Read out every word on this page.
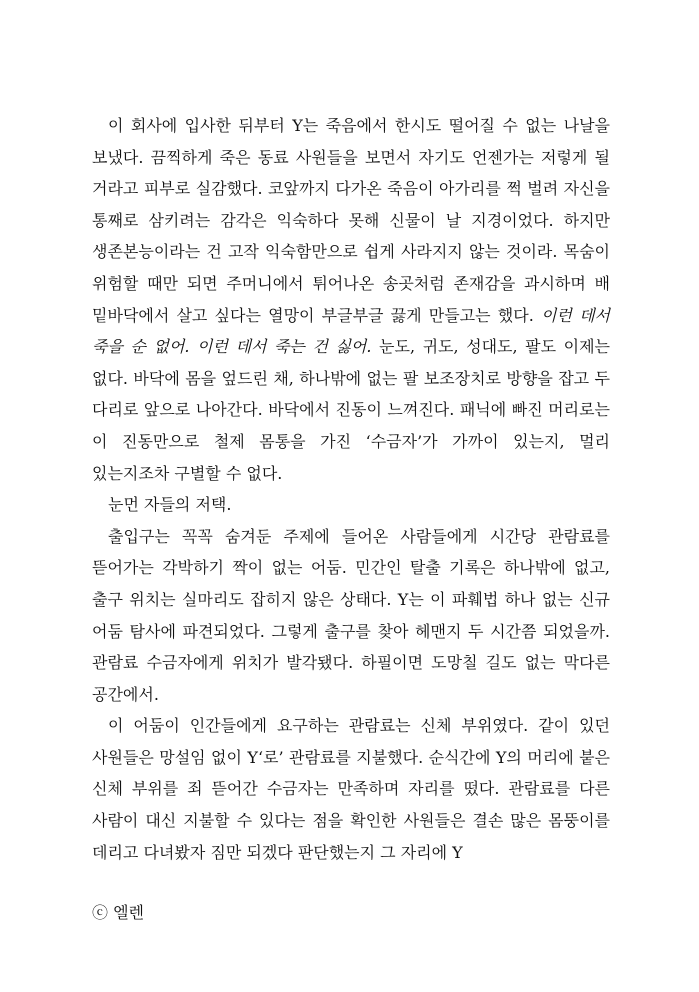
이 회사에 입사한 뒤부터 Y는 죽음에서 한시도 떨어질 수 없는 나날을 보냈다. 끔찍하게 죽은 동료 사원들을 보면서 자기도 언젠가는 저렇게 될 거라고 피부로 실감했다. 코앞까지 다가온 죽음이 아가리를 쩍 벌려 자신을 통째로 삼키려는 감각은 익숙하다 못해 신물이 날 지경이었다. 하지만 생존본능이라는 건 고작 익숙함만으로 쉽게 사라지지 않는 것이라. 목숨이 위험할 때만 되면 주머니에서 튀어나온 송곳처럼 존재감을 과시하며 배 밑바닥에서 살고 싶다는 열망이 부글부글 끓게 만들고는 했다. 이런 데서 죽을 순 없어. 이런 데서 죽는 건 싫어. 눈도, 귀도, 성대도, 팔도 이제는 없다. 바닥에 몸을 엎드린 채, 하나밖에 없는 팔 보조장치로 방향을 잡고 두 다리로 앞으로 나아간다. 바닥에서 진동이 느껴진다. 패닉에 빠진 머리로는 이 진동만으로 철제 몸통을 가진 ‘수금자’가 가까이 있는지, 멀리 있는지조차 구별할 수 없다.

눈먼 자들의 저택.

출입구는 꼭꼭 숨겨둔 주제에 들어온 사람들에게 시간당 관람료를 뜯어가는 각박하기 짝이 없는 어둠. 민간인 탈출 기록은 하나밖에 없고, 출구 위치는 실마리도 잡히지 않은 상태다. Y는 이 파훼법 하나 없는 신규 어둠 탐사에 파견되었다. 그렇게 출구를 찾아 헤맨지 두 시간쯤 되었을까. 관람료 수금자에게 위치가 발각됐다. 하필이면 도망칠 길도 없는 막다른 공간에서.

이 어둠이 인간들에게 요구하는 관람료는 신체 부위였다. 같이 있던 사원들은 망설임 없이 Y‘로’ 관람료를 지불했다. 순식간에 Y의 머리에 붙은 신체 부위를 죄 뜯어간 수금자는 만족하며 자리를 떴다. 관람료를 다른 사람이 대신 지불할 수 있다는 점을 확인한 사원들은 결손 많은 몸뚱이를 데리고 다녀봤자 짐만 되겠다 판단했는지 그 자리에 Y

ⓒ 엘렌
